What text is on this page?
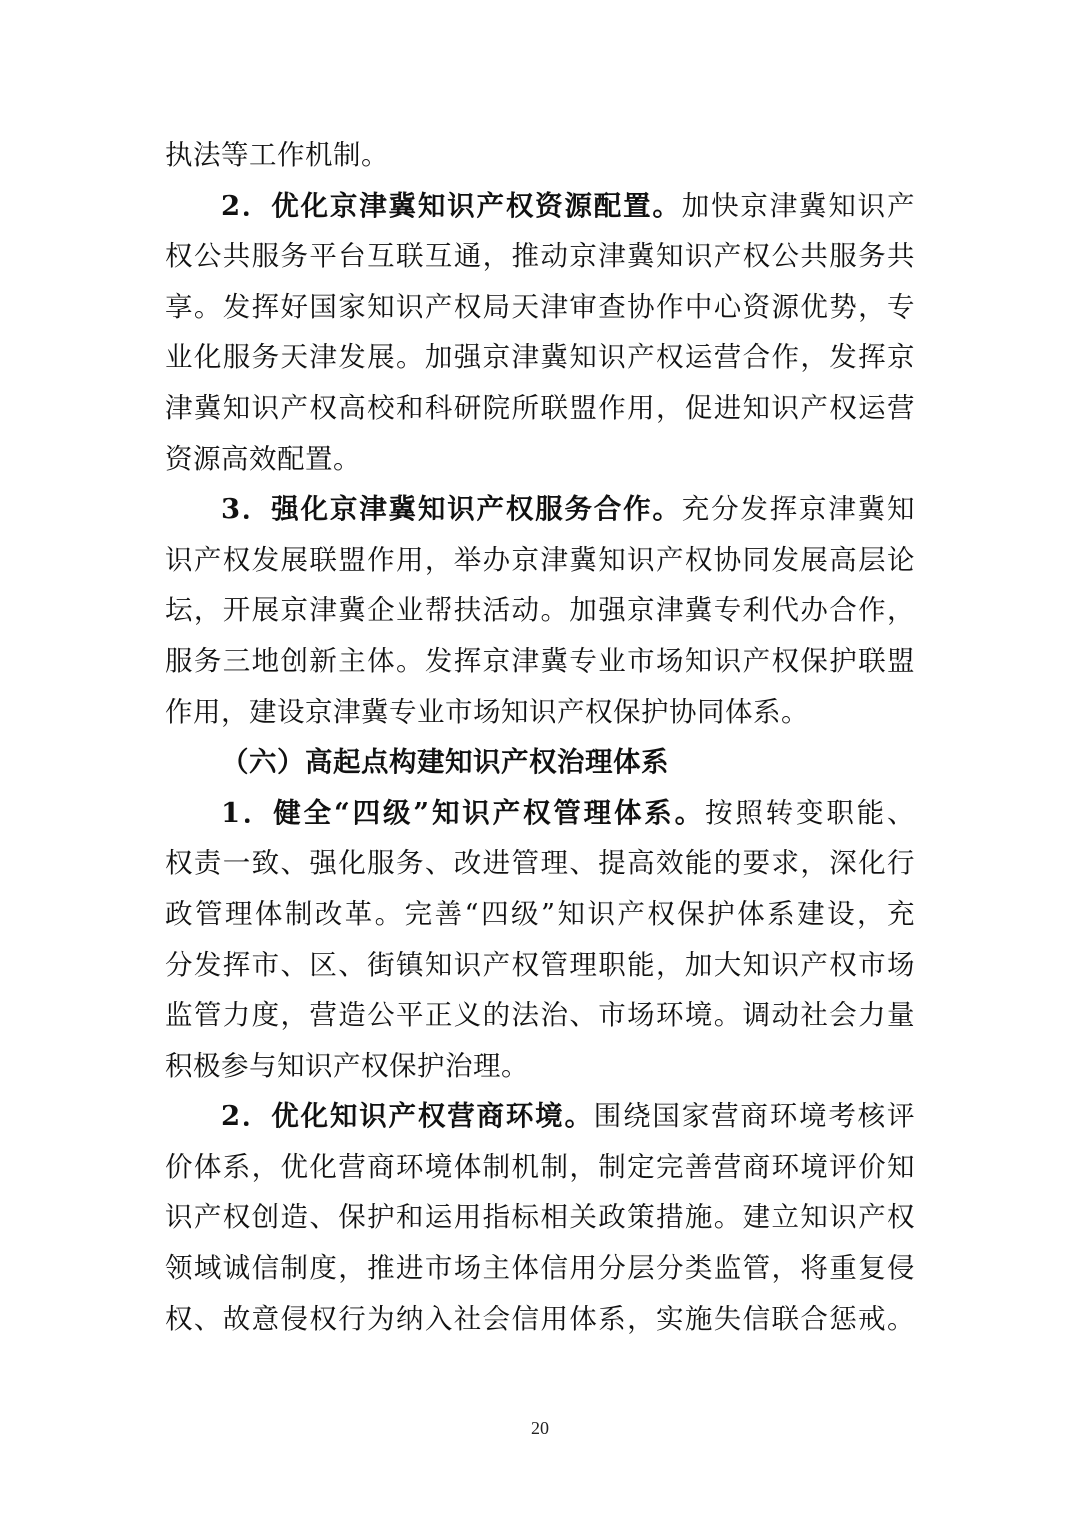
执法等工作机制。
2．优化京津冀知识产权资源配置。加快京津冀知识产
权公共服务平台互联互通，推动京津冀知识产权公共服务共
享。发挥好国家知识产权局天津审查协作中心资源优势，专
业化服务天津发展。加强京津冀知识产权运营合作，发挥京
津冀知识产权高校和科研院所联盟作用，促进知识产权运营
资源高效配置。
3．强化京津冀知识产权服务合作。充分发挥京津冀知
识产权发展联盟作用，举办京津冀知识产权协同发展高层论
坛，开展京津冀企业帮扶活动。加强京津冀专利代办合作，
服务三地创新主体。发挥京津冀专业市场知识产权保护联盟
作用，建设京津冀专业市场知识产权保护协同体系。
（六）高起点构建知识产权治理体系
1．健全“四级”知识产权管理体系。按照转变职能、
权责一致、强化服务、改进管理、提高效能的要求，深化行
政管理体制改革。完善“四级”知识产权保护体系建设，充
分发挥市、区、街镇知识产权管理职能，加大知识产权市场
监管力度，营造公平正义的法治、市场环境。调动社会力量
积极参与知识产权保护治理。
2．优化知识产权营商环境。围绕国家营商环境考核评
价体系，优化营商环境体制机制，制定完善营商环境评价知
识产权创造、保护和运用指标相关政策措施。建立知识产权
领域诚信制度，推进市场主体信用分层分类监管，将重复侵
权、故意侵权行为纳入社会信用体系，实施失信联合惩戒。
20
